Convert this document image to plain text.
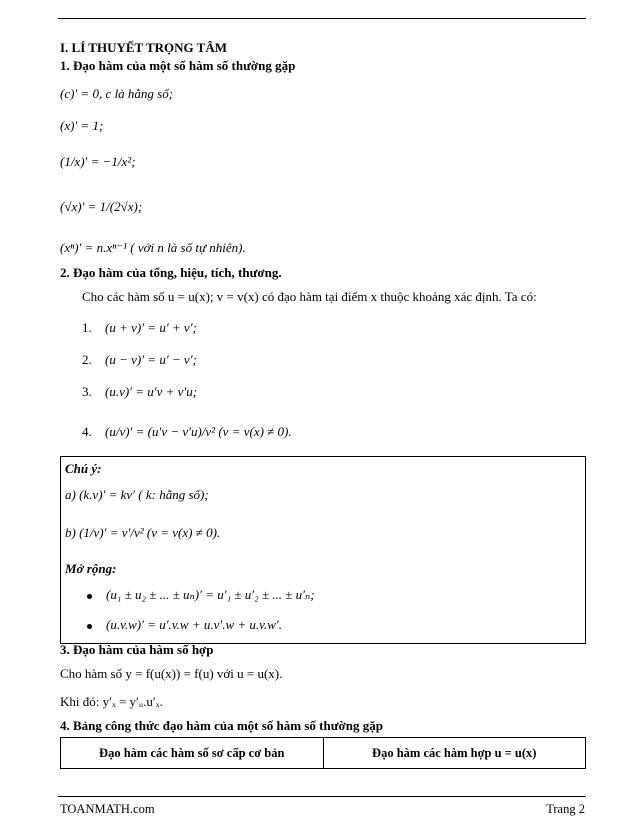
I. LÍ THUYẾT TRỌNG TÂM
1. Đạo hàm của một số hàm số thường gặp
(c)′ = 0, c là hằng số;
(x)′ = 1;
(1/x)′ = −1/x²;
(√x)′ = 1/(2√x);
(xⁿ)′ = n.xⁿ⁻¹ ( với n là số tự nhiên).
2. Đạo hàm của tổng, hiệu, tích, thương.
Cho các hàm số u = u(x); v = v(x) có đạo hàm tại điểm x thuộc khoảng xác định. Ta có:
1. (u + v)′ = u′ + v′;
2. (u − v)′ = u′ − v′;
3. (u.v)′ = u′v + v′u;
4. (u/v)′ = (u′v − v′u)/v² (v = v(x) ≠ 0).
Chú ý:
a) (k.v)′ = kv′ ( k: hằng số);
b) (1/v)′ = v′/v² (v = v(x) ≠ 0).
Mở rộng:
(u₁ ± u₂ ± ... ± uₙ)′ = u′₁ ± u′₂ ± ... ± u′ₙ;
(u.v.w)′ = u′.v.w + u.v′.w + u.v.w′.
3. Đạo hàm của hàm số hợp
Cho hàm số y = f(u(x)) = f(u) với u = u(x).
Khi đó: y′ₓ = y′ᵤ.u′ₓ.
4. Bảng công thức đạo hàm của một số hàm số thường gặp
Đạo hàm các hàm số sơ cấp cơ bản	Đạo hàm các hàm hợp u = u(x)
TOANMATH.com	Trang 2
